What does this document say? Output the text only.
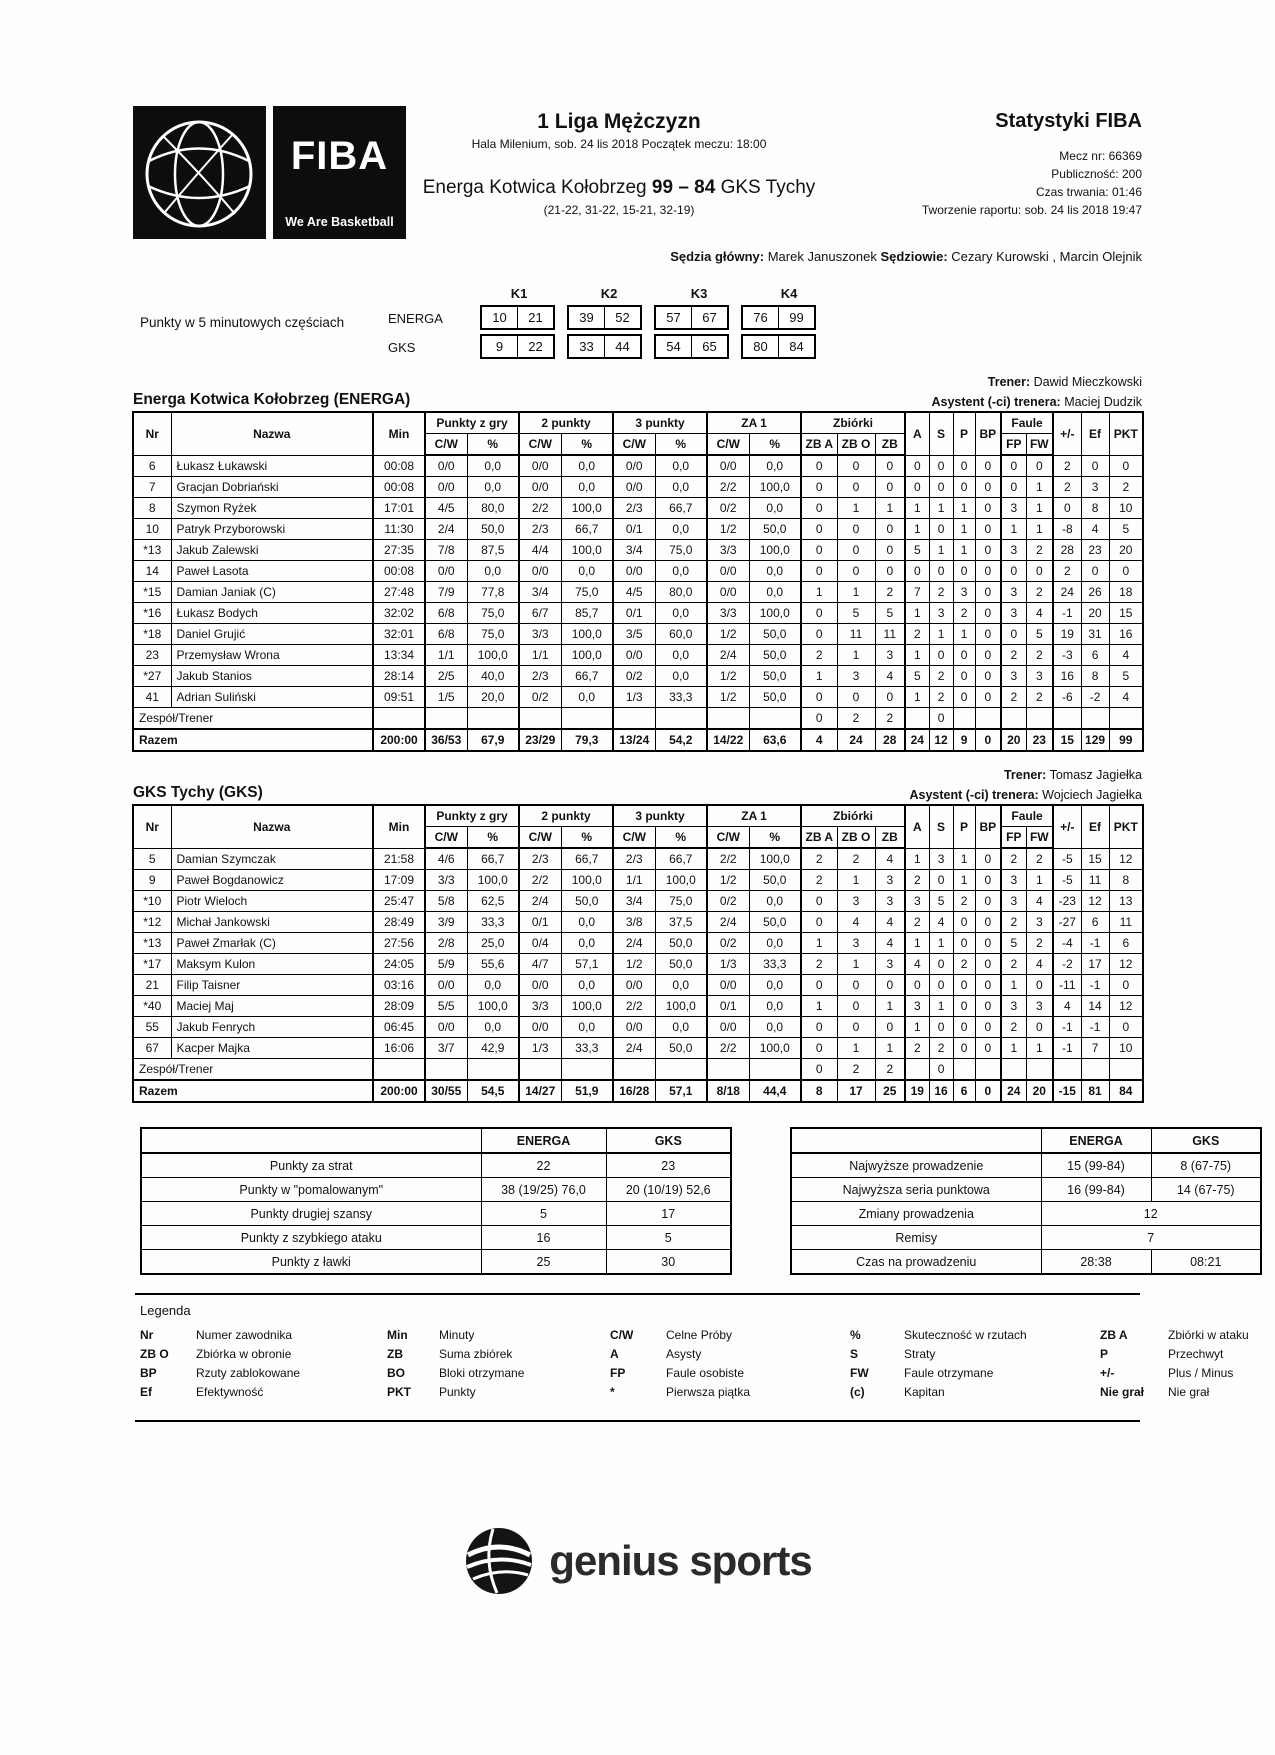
FIBA
We Are Basketball
1 Liga Mężczyzn
Hala Milenium, sob. 24 lis 2018 Początek meczu: 18:00
Energa Kotwica Kołobrzeg 99 – 84 GKS Tychy
(21-22, 31-22, 15-21, 32-19)
Statystyki FIBA
Mecz nr: 66369
Publiczność: 200
Czas trwania: 01:46
Tworzenie raportu: sob. 24 lis 2018 19:47
Sędzia główny: Marek Januszonek Sędziowie: Cezary Kurowski , Marcin Olejnik
Punkty w 5 minutowych częściach
K1	K2	K3	K4
ENERGA	10	21	39	52	57	67	76	99
GKS	9	22	33	44	54	65	80	84
Trener: Dawid Mieczkowski
Energa Kotwica Kołobrzeg (ENERGA)	Asystent (-ci) trenera: Maciej Dudzik
Nr	Nazwa	Min	Punkty z gry		2 punkty		3 punkty		ZA 1		Zbiórki			A	S	P	BP	Faule		+/-	Ef	PKT
			C/W	%	C/W	%	C/W	%	C/W	%	ZB A	ZB O	ZB					FP	FW			
6	Łukasz Łukawski	00:08	0/0	0,0	0/0	0,0	0/0	0,0	0/0	0,0	0	0	0	0	0	0	0	0	0	2	0	0
7	Gracjan Dobriański	00:08	0/0	0,0	0/0	0,0	0/0	0,0	2/2	100,0	0	0	0	0	0	0	0	0	1	2	3	2
8	Szymon Ryżek	17:01	4/5	80,0	2/2	100,0	2/3	66,7	0/2	0,0	0	1	1	1	1	1	0	3	1	0	8	10
10	Patryk Przyborowski	11:30	2/4	50,0	2/3	66,7	0/1	0,0	1/2	50,0	0	0	0	1	0	1	0	1	1	-8	4	5
*13	Jakub Zalewski	27:35	7/8	87,5	4/4	100,0	3/4	75,0	3/3	100,0	0	0	0	5	1	1	0	3	2	28	23	20
14	Paweł Lasota	00:08	0/0	0,0	0/0	0,0	0/0	0,0	0/0	0,0	0	0	0	0	0	0	0	0	0	2	0	0
*15	Damian Janiak (C)	27:48	7/9	77,8	3/4	75,0	4/5	80,0	0/0	0,0	1	1	2	7	2	3	0	3	2	24	26	18
*16	Łukasz Bodych	32:02	6/8	75,0	6/7	85,7	0/1	0,0	3/3	100,0	0	5	5	1	3	2	0	3	4	-1	20	15
*18	Daniel Grujić	32:01	6/8	75,0	3/3	100,0	3/5	60,0	1/2	50,0	0	11	11	2	1	1	0	0	5	19	31	16
23	Przemysław Wrona	13:34	1/1	100,0	1/1	100,0	0/0	0,0	2/4	50,0	2	1	3	1	0	0	0	2	2	-3	6	4
*27	Jakub Stanios	28:14	2/5	40,0	2/3	66,7	0/2	0,0	1/2	50,0	1	3	4	5	2	0	0	3	3	16	8	5
41	Adrian Suliński	09:51	1/5	20,0	0/2	0,0	1/3	33,3	1/2	50,0	0	0	0	1	2	0	0	2	2	-6	-2	4
Zespół/Trener											0	2	2		0							
Razem		200:00	36/53	67,9	23/29	79,3	13/24	54,2	14/22	63,6	4	24	28	24	12	9	0	20	23	15	129	99
Trener: Tomasz Jagiełka
GKS Tychy (GKS)	Asystent (-ci) trenera: Wojciech Jagiełka
Nr	Nazwa	Min	Punkty z gry		2 punkty		3 punkty		ZA 1		Zbiórki			A	S	P	BP	Faule		+/-	Ef	PKT
			C/W	%	C/W	%	C/W	%	C/W	%	ZB A	ZB O	ZB					FP	FW			
5	Damian Szymczak	21:58	4/6	66,7	2/3	66,7	2/3	66,7	2/2	100,0	2	2	4	1	3	1	0	2	2	-5	15	12
9	Paweł Bogdanowicz	17:09	3/3	100,0	2/2	100,0	1/1	100,0	1/2	50,0	2	1	3	2	0	1	0	3	1	-5	11	8
*10	Piotr Wieloch	25:47	5/8	62,5	2/4	50,0	3/4	75,0	0/2	0,0	0	3	3	3	5	2	0	3	4	-23	12	13
*12	Michał Jankowski	28:49	3/9	33,3	0/1	0,0	3/8	37,5	2/4	50,0	0	4	4	2	4	0	0	2	3	-27	6	11
*13	Paweł Zmarłak (C)	27:56	2/8	25,0	0/4	0,0	2/4	50,0	0/2	0,0	1	3	4	1	1	0	0	5	2	-4	-1	6
*17	Maksym Kulon	24:05	5/9	55,6	4/7	57,1	1/2	50,0	1/3	33,3	2	1	3	4	0	2	0	2	4	-2	17	12
21	Filip Taisner	03:16	0/0	0,0	0/0	0,0	0/0	0,0	0/0	0,0	0	0	0	0	0	0	0	1	0	-11	-1	0
*40	Maciej Maj	28:09	5/5	100,0	3/3	100,0	2/2	100,0	0/1	0,0	1	0	1	3	1	0	0	3	3	4	14	12
55	Jakub Fenrych	06:45	0/0	0,0	0/0	0,0	0/0	0,0	0/0	0,0	0	0	0	1	0	0	0	2	0	-1	-1	0
67	Kacper Majka	16:06	3/7	42,9	1/3	33,3	2/4	50,0	2/2	100,0	0	1	1	2	2	0	0	1	1	-1	7	10
Zespół/Trener											0	2	2		0							
Razem		200:00	30/55	54,5	14/27	51,9	16/28	57,1	8/18	44,4	8	17	25	19	16	6	0	24	20	-15	81	84
	ENERGA	GKS
Punkty za strat	22	23
Punkty w "pomalowanym"	38 (19/25) 76,0	20 (10/19) 52,6
Punkty drugiej szansy	5	17
Punkty z szybkiego ataku	16	5
Punkty z ławki	25	30
	ENERGA	GKS
Najwyższe prowadzenie	15 (99-84)	8 (67-75)
Najwyższa seria punktowa	16 (99-84)	14 (67-75)
Zmiany prowadzenia	12	
Remisy	7	
Czas na prowadzeniu	28:38	08:21
Legenda
Nr	Numer zawodnika	Min	Minuty	C/W	Celne Próby	%	Skuteczność w rzutach	ZB A	Zbiórki w ataku
ZB O	Zbiórka w obronie	ZB	Suma zbiórek	A	Asysty	S	Straty	P	Przechwyt
BP	Rzuty zablokowane	BO	Bloki otrzymane	FP	Faule osobiste	FW	Faule otrzymane	+/-	Plus / Minus
Ef	Efektywność	PKT	Punkty	*	Pierwsza piątka	(c)	Kapitan	Nie grał	Nie grał
genius sports
